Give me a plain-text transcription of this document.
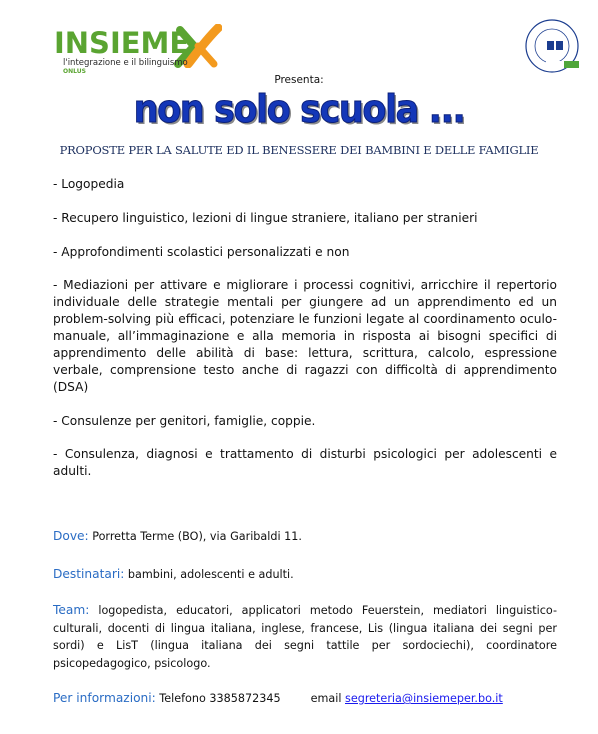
INSIEME
l'integrazione e il bilinguismo
ONLUS
Presenta:
non solo scuola ...
PROPOSTE PER LA SALUTE ED IL BENESSERE DEI BAMBINI E DELLE FAMIGLIE
- Logopedia
- Recupero linguistico, lezioni di lingue straniere, italiano per stranieri
- Approfondimenti scolastici personalizzati e non
- Mediazioni per attivare e migliorare i processi cognitivi, arricchire il repertorio individuale delle strategie mentali per giungere ad un apprendimento ed un problem-solving più efficaci, potenziare le funzioni legate al coordinamento oculo-manuale, all’immaginazione e alla memoria in risposta ai bisogni specifici di apprendimento delle abilità di base: lettura, scrittura, calcolo, espressione verbale, comprensione testo anche di ragazzi con difficoltà di apprendimento (DSA)
- Consulenze per genitori, famiglie, coppie.
- Consulenza, diagnosi e trattamento di disturbi psicologici per adolescenti e adulti.
Dove: Porretta Terme (BO), via Garibaldi 11.
Destinatari: bambini, adolescenti e adulti.
Team: logopedista, educatori, applicatori metodo Feuerstein, mediatori linguistico-culturali, docenti di lingua italiana, inglese, francese, Lis (lingua italiana dei segni per sordi) e LisT (lingua italiana dei segni tattile per sordociechi), coordinatore psicopedagogico, psicologo.
Per informazioni: Telefono 3385872345	email segreteria@insiemeper.bo.it
